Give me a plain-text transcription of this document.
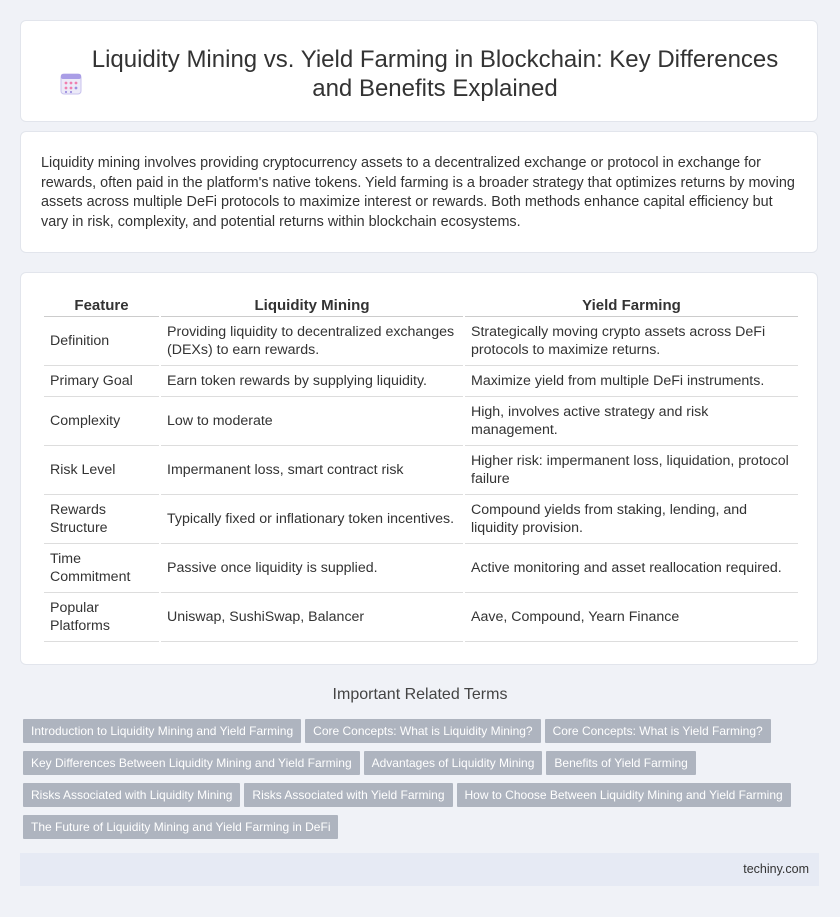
Liquidity Mining vs. Yield Farming in Blockchain: Key Differences and Benefits Explained

Liquidity mining involves providing cryptocurrency assets to a decentralized exchange or protocol in exchange for rewards, often paid in the platform's native tokens. Yield farming is a broader strategy that optimizes returns by moving assets across multiple DeFi protocols to maximize interest or rewards. Both methods enhance capital efficiency but vary in risk, complexity, and potential returns within blockchain ecosystems.

Feature	Liquidity Mining	Yield Farming
Definition	Providing liquidity to decentralized exchanges (DEXs) to earn rewards.	Strategically moving crypto assets across DeFi protocols to maximize returns.
Primary Goal	Earn token rewards by supplying liquidity.	Maximize yield from multiple DeFi instruments.
Complexity	Low to moderate	High, involves active strategy and risk management.
Risk Level	Impermanent loss, smart contract risk	Higher risk: impermanent loss, liquidation, protocol failure
Rewards Structure	Typically fixed or inflationary token incentives.	Compound yields from staking, lending, and liquidity provision.
Time Commitment	Passive once liquidity is supplied.	Active monitoring and asset reallocation required.
Popular Platforms	Uniswap, SushiSwap, Balancer	Aave, Compound, Yearn Finance
Important Related Terms
Introduction to Liquidity Mining and Yield Farming Core Concepts: What is Liquidity Mining? Core Concepts: What is Yield Farming?
Key Differences Between Liquidity Mining and Yield Farming Advantages of Liquidity Mining Benefits of Yield Farming
Risks Associated with Liquidity Mining Risks Associated with Yield Farming How to Choose Between Liquidity Mining and Yield Farming
The Future of Liquidity Mining and Yield Farming in DeFi
techiny.com
